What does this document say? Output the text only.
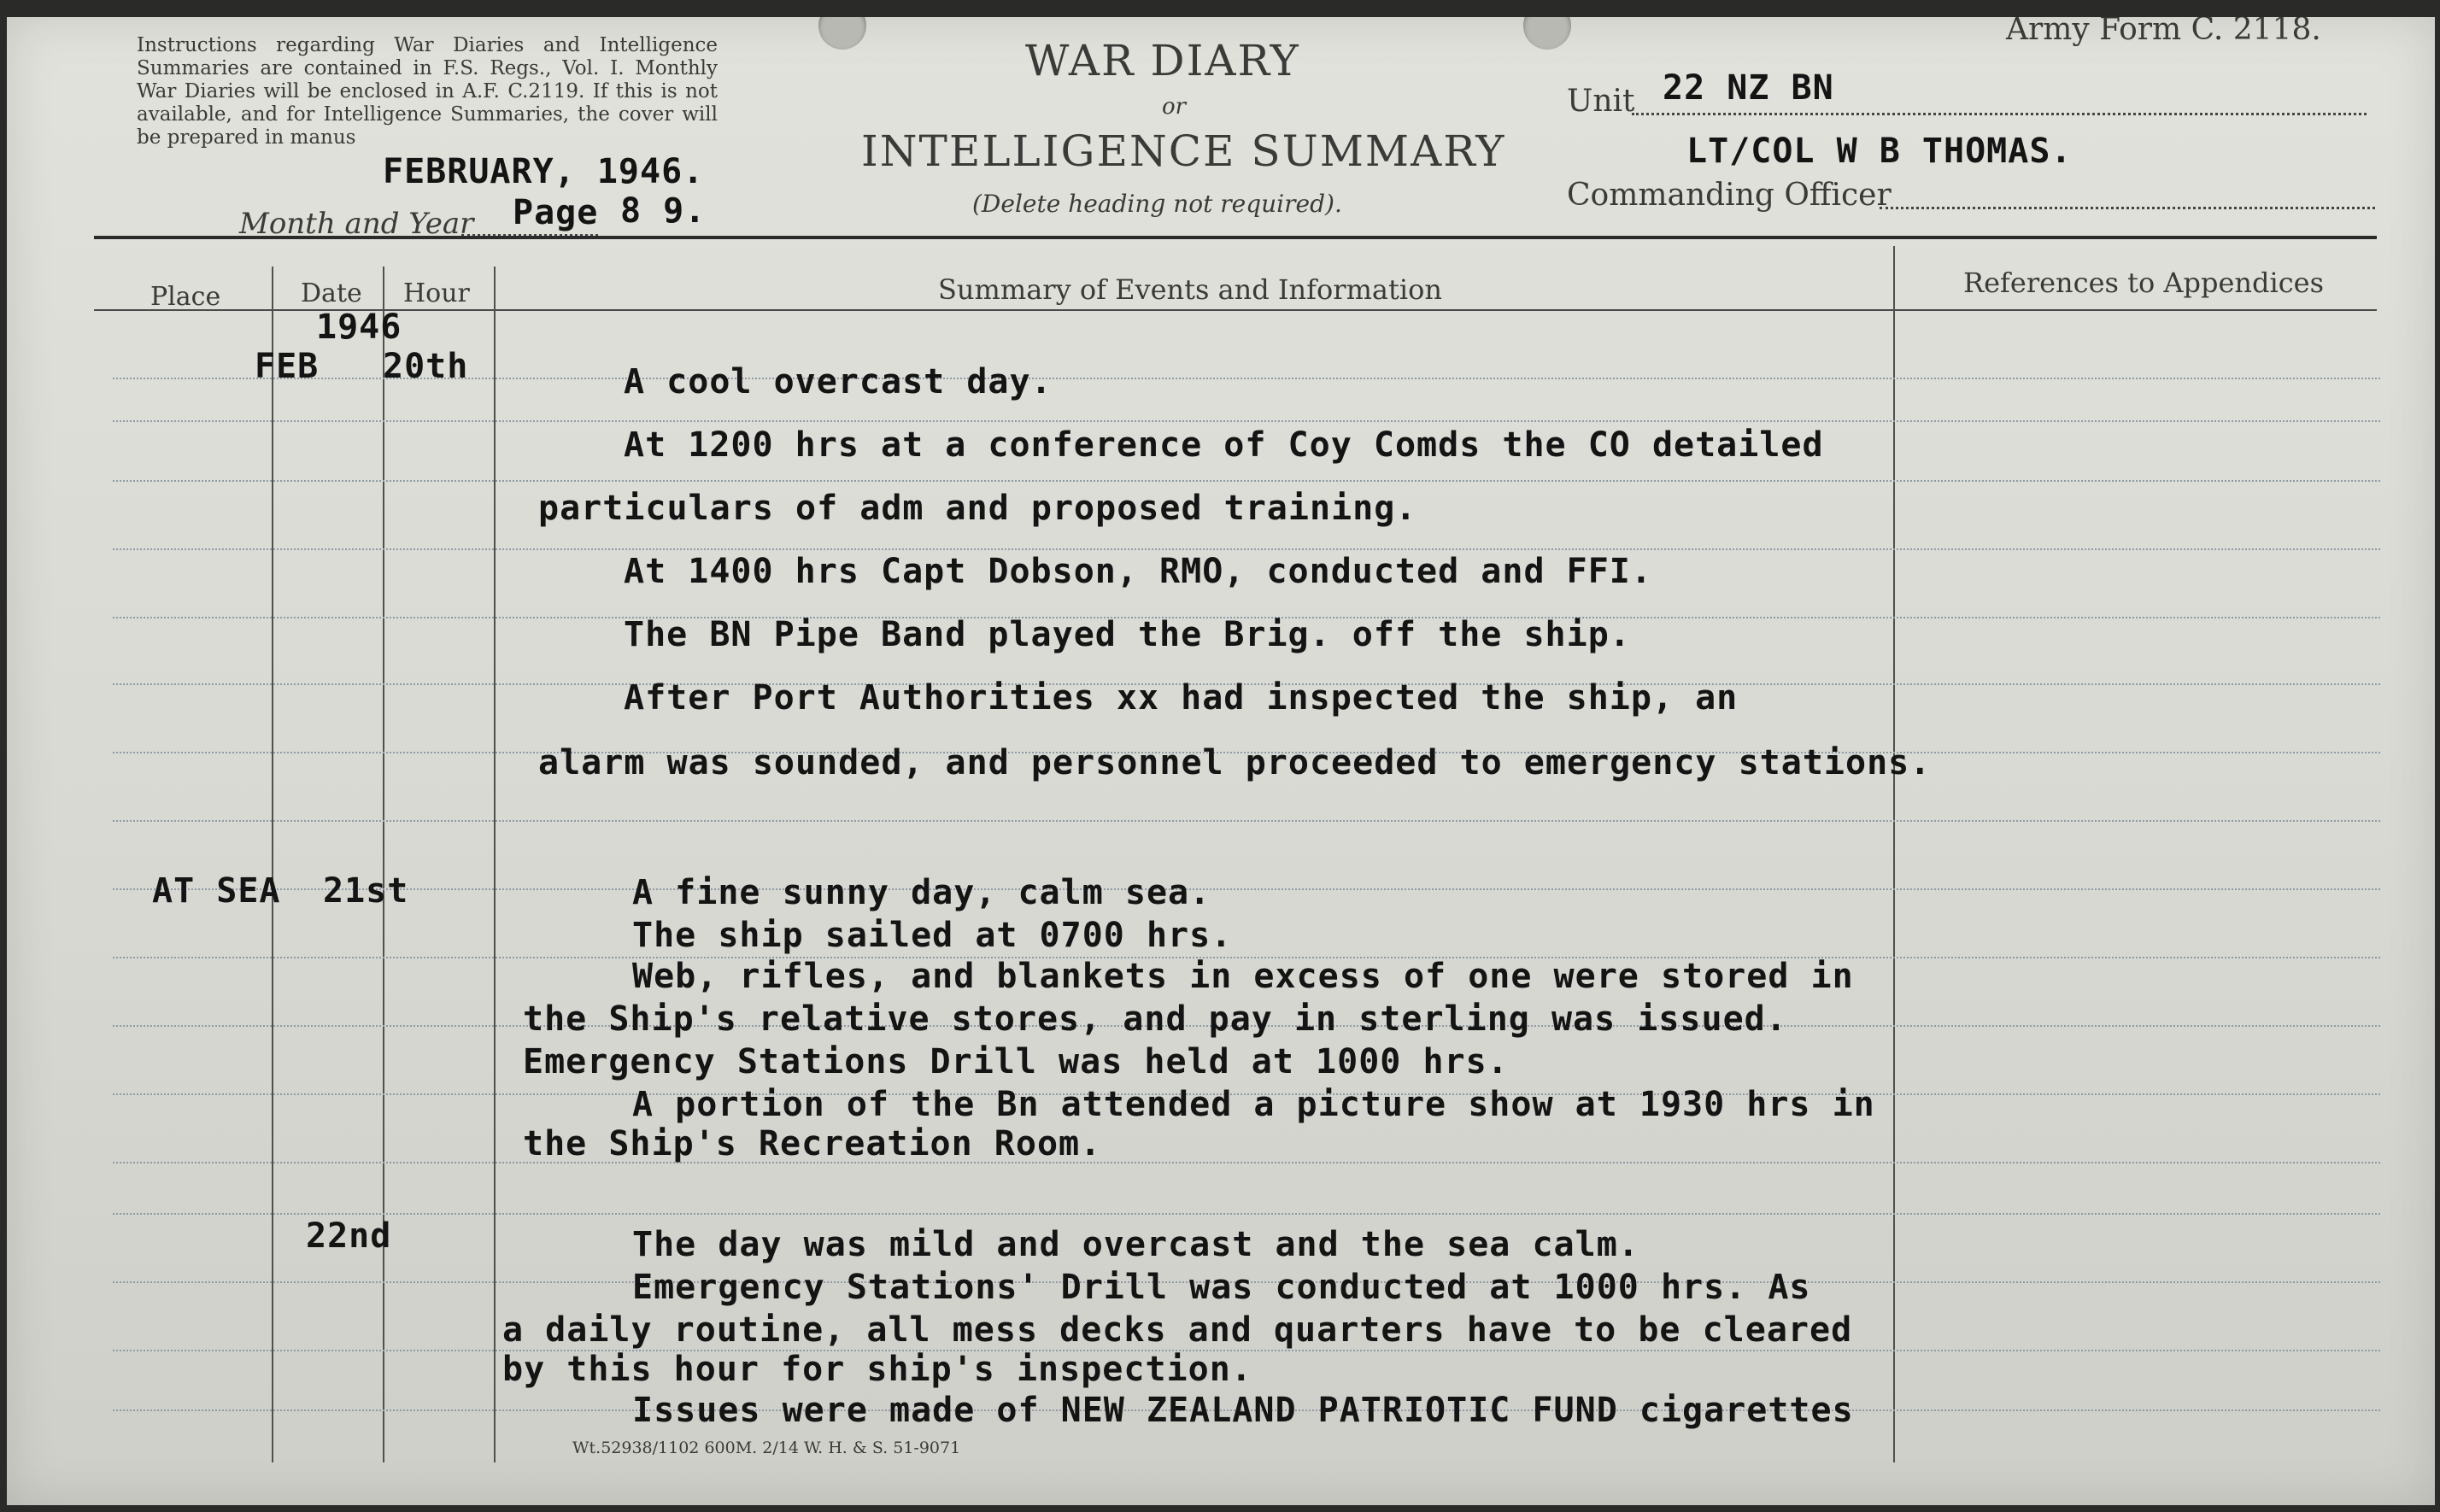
Instructions regarding War Diaries and Intelligence Summaries are contained in F.S. Regs., Vol. I. Monthly War Diaries will be enclosed in A.F. C.2119. If this is not available, and for Intelligence Summaries, the cover will be prepared in manus
Army Form C. 2118.
WAR DIARY
or
INTELLIGENCE SUMMARY
(Delete heading not required).
Unit 22 NZ BN
LT/COL W B THOMAS.
Commanding Officer
Month and Year
FEBRUARY, 1946.
Page 8 9.
Place	Date Hour	Summary of Events and Information	References to Appendices
1946
FEB 20th	A cool overcast day.
At 1200 hrs at a conference of Coy Comds the CO detailed
particulars of adm and proposed training.
At 1400 hrs Capt Dobson, RMO, conducted and FFI.
The BN Pipe Band played the Brig. off the ship.
After Port Authorities xx had inspected the ship, an
alarm was sounded, and personnel proceeded to emergency stations.
AT SEA 21st	A fine sunny day, calm sea.
The ship sailed at 0700 hrs.
Web, rifles, and blankets in excess of one were stored in
the Ship's relative stores, and pay in sterling was issued.
Emergency Stations Drill was held at 1000 hrs.
A portion of the Bn attended a picture show at 1930 hrs in
the Ship's Recreation Room.
22nd	The day was mild and overcast and the sea calm.
Emergency Stations' Drill was conducted at 1000 hrs. As
a daily routine, all mess decks and quarters have to be cleared
by this hour for ship's inspection.
Issues were made of NEW ZEALAND PATRIOTIC FUND cigarettes
Wt.52938/1102 600M. 2/14 W. H. & S. 51-9071
